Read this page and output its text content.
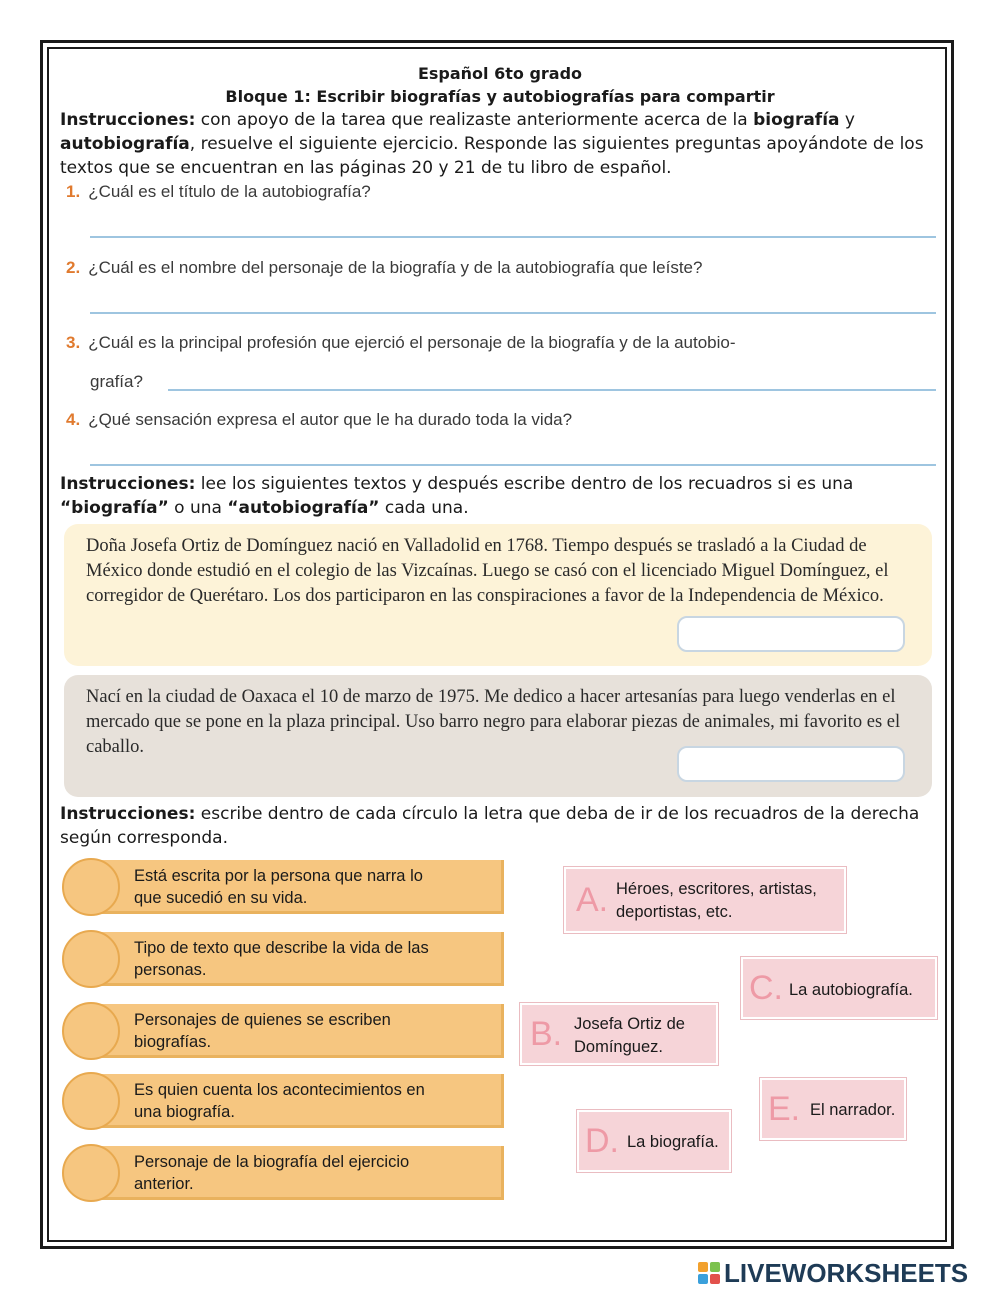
Español 6to grado
Bloque 1: Escribir biografías y autobiografías para compartir
Instrucciones: con apoyo de la tarea que realizaste anteriormente acerca de la biografía y autobiografía, resuelve el siguiente ejercicio. Responde las siguientes preguntas apoyándote de los textos que se encuentran en las páginas 20 y 21 de tu libro de español.
1. ¿Cuál es el título de la autobiografía?
2. ¿Cuál es el nombre del personaje de la biografía y de la autobiografía que leíste?
3. ¿Cuál es la principal profesión que ejerció el personaje de la biografía y de la autobio-
grafía?
4. ¿Qué sensación expresa el autor que le ha durado toda la vida?
Instrucciones: lee los siguientes textos y después escribe dentro de los recuadros si es una “biografía” o una “autobiografía” cada una.
Doña Josefa Ortiz de Domínguez nació en Valladolid en 1768. Tiempo después se trasladó a la Ciudad de México donde estudió en el colegio de las Vizcaínas. Luego se casó con el licenciado Miguel Domínguez, el corregidor de Querétaro. Los dos participaron en las conspiraciones a favor de la Independencia de México.
Nací en la ciudad de Oaxaca el 10 de marzo de 1975. Me dedico a hacer artesanías para luego venderlas en el mercado que se pone en la plaza principal. Uso barro negro para elaborar piezas de animales, mi favorito es el caballo.
Instrucciones: escribe dentro de cada círculo la letra que deba de ir de los recuadros de la derecha según corresponda.
Está escrita por la persona que narra lo que sucedió en su vida.
Tipo de texto que describe la vida de las personas.
Personajes de quienes se escriben biografías.
Es quien cuenta los acontecimientos en una biografía.
Personaje de la biografía del ejercicio anterior.
A. Héroes, escritores, artistas, deportistas, etc.
C. La autobiografía.
B. Josefa Ortiz de Domínguez.
E. El narrador.
D. La biografía.
LIVEWORKSHEETS
